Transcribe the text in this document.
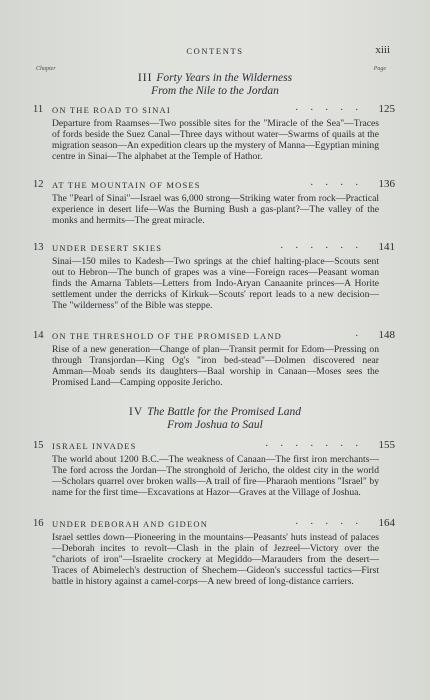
CONTENTS	xiii
Chapter	Page
III Forty Years in the Wilderness
From the Nile to the Jordan
11 ON THE ROAD TO SINAI	. . . . . 125
Departure from Raamses—Two possible sites for the "Miracle of the Sea"—Traces of fords beside the Suez Canal—Three days without water—Swarms of quails at the migration season—An expedition clears up the mystery of Manna—Egyptian mining centre in Sinai—The alphabet at the Temple of Hathor.
12 AT THE MOUNTAIN OF MOSES	. . . . 136
The "Pearl of Sinai"—Israel was 6,000 strong—Striking water from rock—Practical experience in desert life—Was the Burning Bush a gas-plant?—The valley of the monks and hermits—The great miracle.
13 UNDER DESERT SKIES	. . . . . . 141
Sinai—150 miles to Kadesh—Two springs at the chief halting-place—Scouts sent out to Hebron—The bunch of grapes was a vine—Foreign races—Peasant woman finds the Amarna Tablets—Letters from Indo-Aryan Canaanite princes—A Horite settlement under the derricks of Kirkuk—Scouts' report leads to a new decision—The "wilderness" of the Bible was steppe.
14 ON THE THRESHOLD OF THE PROMISED LAND	. 148
Rise of a new generation—Change of plan—Transit permit for Edom—Pressing on through Transjordan—King Og's "iron bed-stead"—Dolmen discovered near Amman—Moab sends its daughters—Baal worship in Canaan—Moses sees the Promised Land—Camping opposite Jericho.
IV The Battle for the Promised Land
From Joshua to Saul
15 ISRAEL INVADES	. . . . . . . 155
The world about 1200 B.C.—The weakness of Canaan—The first iron merchants—The ford across the Jordan—The stronghold of Jericho, the oldest city in the world—Scholars quarrel over broken walls—A trail of fire—Pharaoh mentions "Israel" by name for the first time—Excavations at Hazor—Graves at the Village of Joshua.
16 UNDER DEBORAH AND GIDEON	. . . . . 164
Israel settles down—Pioneering in the mountains—Peasants' huts instead of palaces—Deborah incites to revolt—Clash in the plain of Jezreel—Victory over the "chariots of iron"—Israelite crockery at Megiddo—Marauders from the desert—Traces of Abimelech's destruction of Shechem—Gideon's successful tactics—First battle in history against a camel-corps—A new breed of long-distance carriers.
